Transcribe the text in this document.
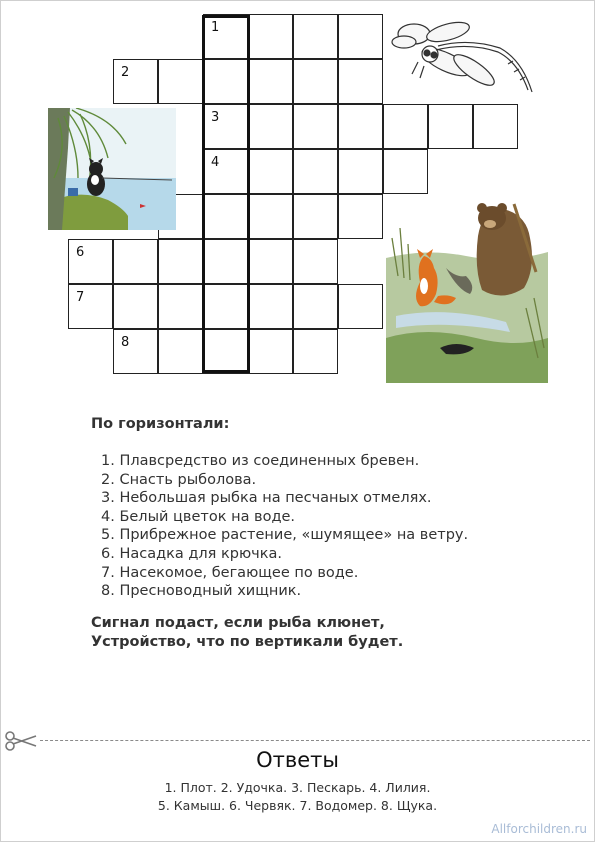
1
2
3
4
6
7
8
По горизонтали:
1. Плавсредство из соединенных бревен.
2. Снасть рыболова.
3. Небольшая рыбка на песчаных отмелях.
4. Белый цветок на воде.
5. Прибрежное растение, «шумящее» на ветру.
6. Насадка для крючка.
7. Насекомое, бегающее по воде.
8. Пресноводный хищник.
Сигнал подаст, если рыба клюнет,
Устройство, что по вертикали будет.
Ответы
1. Плот. 2. Удочка. 3. Пескарь. 4. Лилия.
5. Камыш. 6. Червяк. 7. Водомер. 8. Щука.
Allforchildren.ru
